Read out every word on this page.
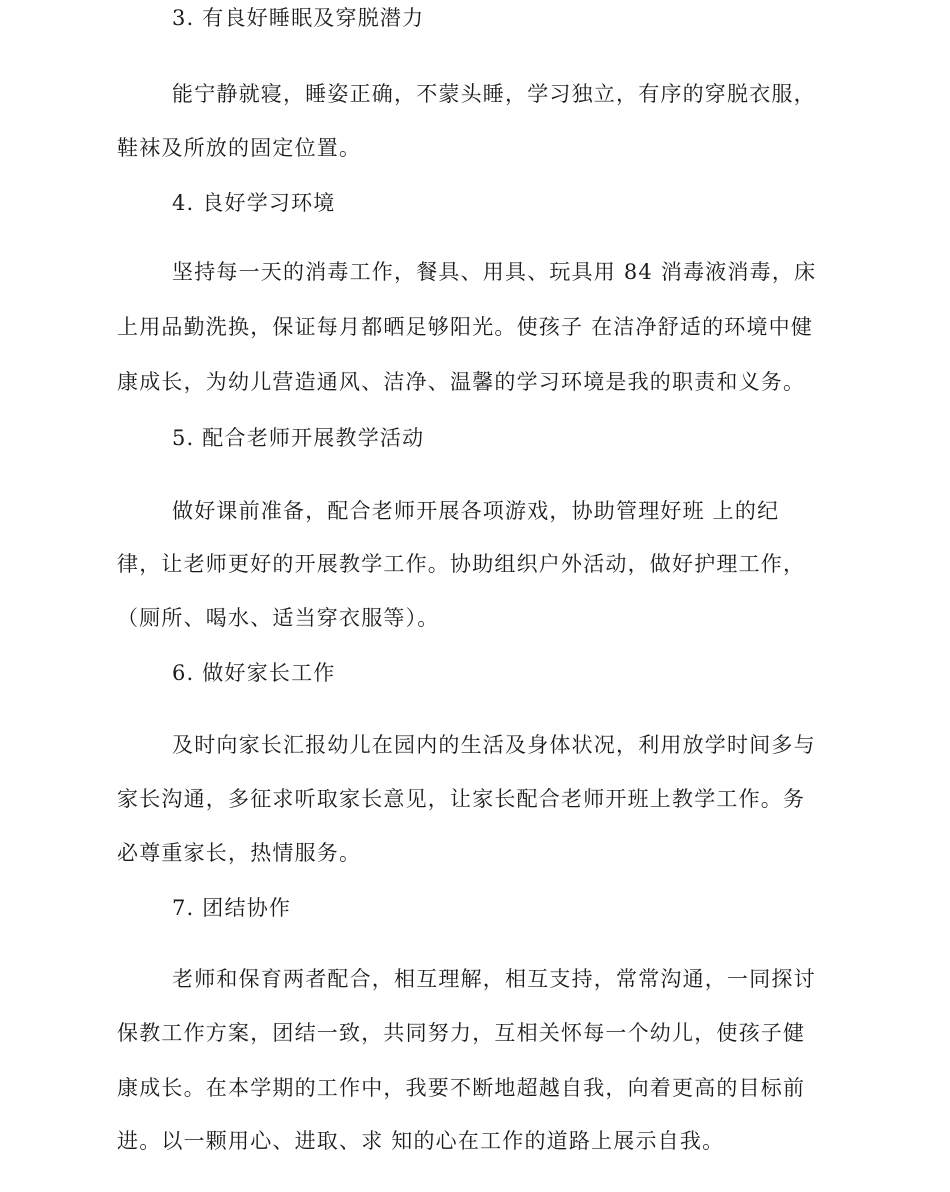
3. 有良好睡眠及穿脱潜力
能宁静就寝，睡姿正确，不蒙头睡，学习独立，有序的穿脱衣服，
鞋袜及所放的固定位置。
4. 良好学习环境
坚持每一天的消毒工作，餐具、用具、玩具用 84 消毒液消毒，床
上用品勤洗换，保证每月都晒足够阳光。使孩子 在洁净舒适的环境中健
康成长，为幼儿营造通风、洁净、温馨的学习环境是我的职责和义务。
5. 配合老师开展教学活动
做好课前准备，配合老师开展各项游戏，协助管理好班 上的纪
律，让老师更好的开展教学工作。协助组织户外活动，做好护理工作，
（厕所、喝水、适当穿衣服等）。
6. 做好家长工作
及时向家长汇报幼儿在园内的生活及身体状况，利用放学时间多与
家长沟通，多征求听取家长意见，让家长配合老师开班上教学工作。务
必尊重家长，热情服务。
7. 团结协作
老师和保育两者配合，相互理解，相互支持，常常沟通，一同探讨
保教工作方案，团结一致，共同努力，互相关怀每一个幼儿，使孩子健
康成长。在本学期的工作中，我要不断地超越自我，向着更高的目标前
进。以一颗用心、进取、求 知的心在工作的道路上展示自我。
